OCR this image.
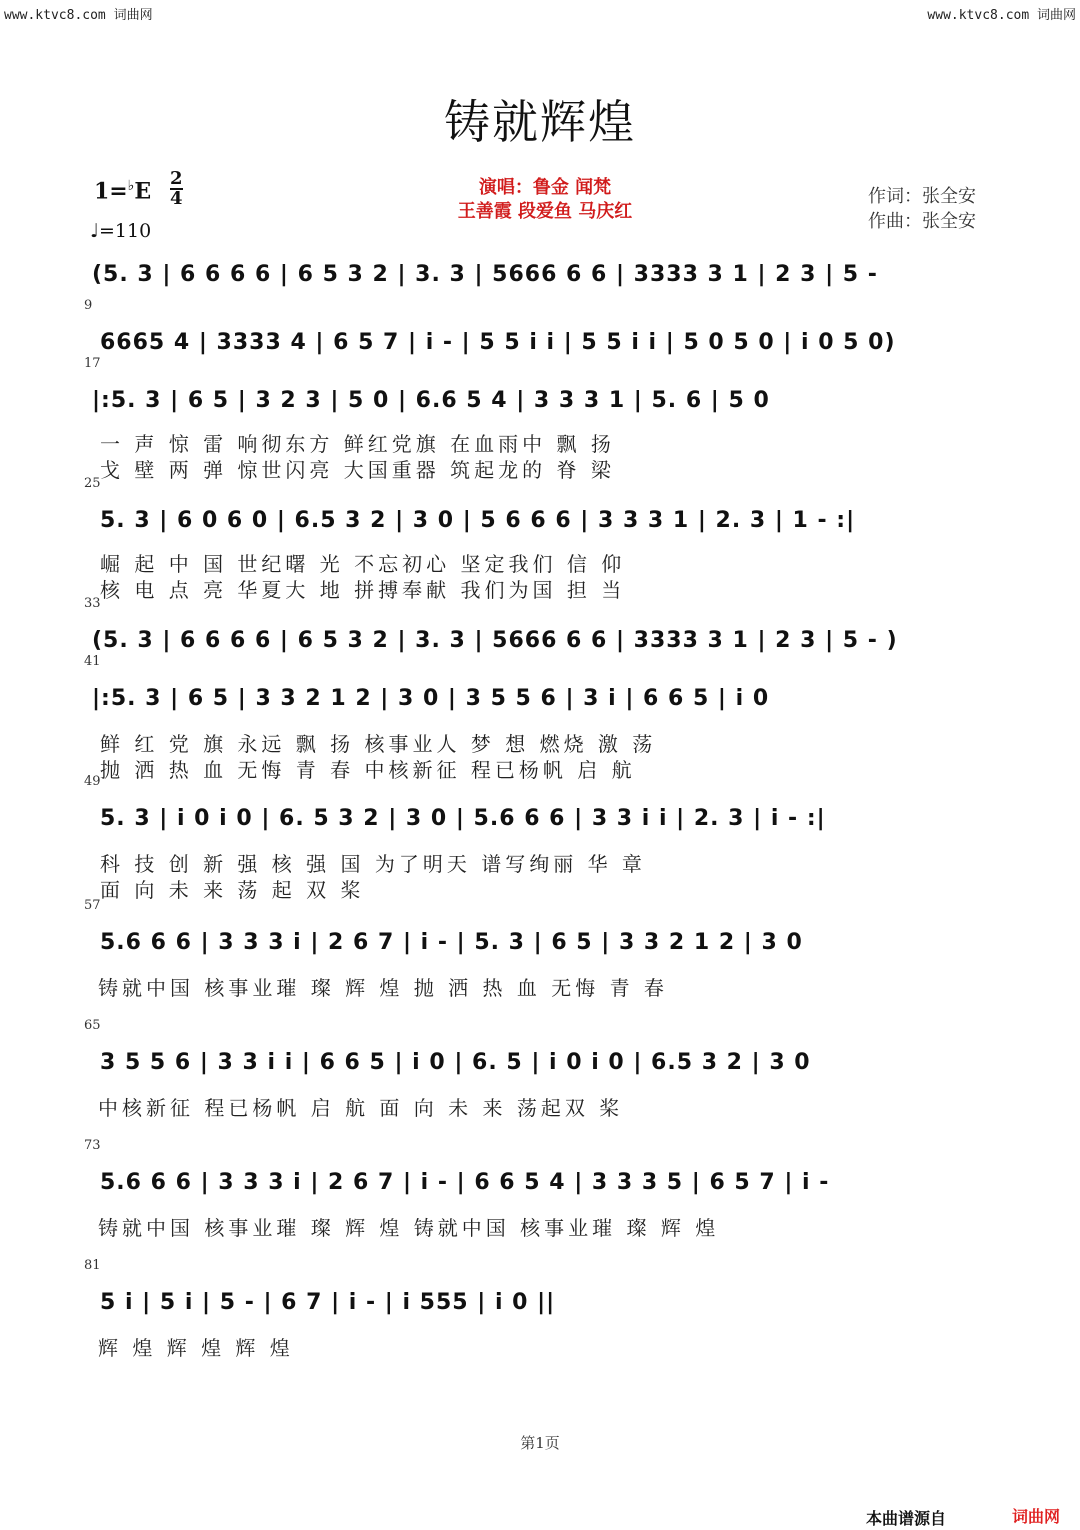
www.ktvc8.com 词曲网	www.ktvc8.com 词曲网
铸就辉煌
1=♭E 2
4
♩=110
演唱：鲁金 闻梵
王善霞 段爱鱼 马庆红
作词：张全安
作曲：张全安
(5. 3 | 6 6 6 6 | 6 5 3 2 | 3. 3 | 5666 6 6 | 3333 3 1 | 2 3 | 5 -
9
6665 4 | 3333 4 | 6 5 7 | i - | 5 5 i i | 5 5 i i | 5 0 5 0 | i 0 5 0)
17
|:5. 3 | 6 5 | 3 2 3 | 5 0 | 6.6 5 4 | 3 3 3 1 | 5. 6 | 5 0
一 声 惊 雷 响彻东方 鲜红党旗 在血雨中 飘 扬
戈 壁 两 弹 惊世闪亮 大国重器 筑起龙的 脊 梁
25
5. 3 | 6 0 6 0 | 6.5 3 2 | 3 0 | 5 6 6 6 | 3 3 3 1 | 2. 3 | 1 - :|
崛 起 中 国 世纪曙 光 不忘初心 坚定我们 信 仰
核 电 点 亮 华夏大 地 拼搏奉献 我们为国 担 当
33
(5. 3 | 6 6 6 6 | 6 5 3 2 | 3. 3 | 5666 6 6 | 3333 3 1 | 2 3 | 5 - )
41
|:5. 3 | 6 5 | 3 3 2 1 2 | 3 0 | 3 5 5 6 | 3 i | 6 6 5 | i 0
鲜 红 党 旗 永远 飘 扬 核事业人 梦 想 燃烧 激 荡
抛 洒 热 血 无悔 青 春 中核新征 程已杨帆 启 航
49
5. 3 | i 0 i 0 | 6. 5 3 2 | 3 0 | 5.6 6 6 | 3 3 i i | 2. 3 | i - :|
科 技 创 新 强 核 强 国 为了明天 谱写绚丽 华 章
面 向 未 来 荡 起 双 桨
57
5.6 6 6 | 3 3 3 i | 2 6 7 | i - | 5. 3 | 6 5 | 3 3 2 1 2 | 3 0
铸就中国 核事业璀 璨 辉 煌 抛 洒 热 血 无悔 青 春
65
3 5 5 6 | 3 3 i i | 6 6 5 | i 0 | 6. 5 | i 0 i 0 | 6.5 3 2 | 3 0
中核新征 程已杨帆 启 航 面 向 未 来 荡起双 桨
73
5.6 6 6 | 3 3 3 i | 2 6 7 | i - | 6 6 5 4 | 3 3 3 5 | 6 5 7 | i -
铸就中国 核事业璀 璨 辉 煌 铸就中国 核事业璀 璨 辉 煌
81
5 i | 5 i | 5 - | 6 7 | i - | i 555 | i 0 ||
辉 煌 辉 煌 辉 煌
第1页
本曲谱源自	词曲网
